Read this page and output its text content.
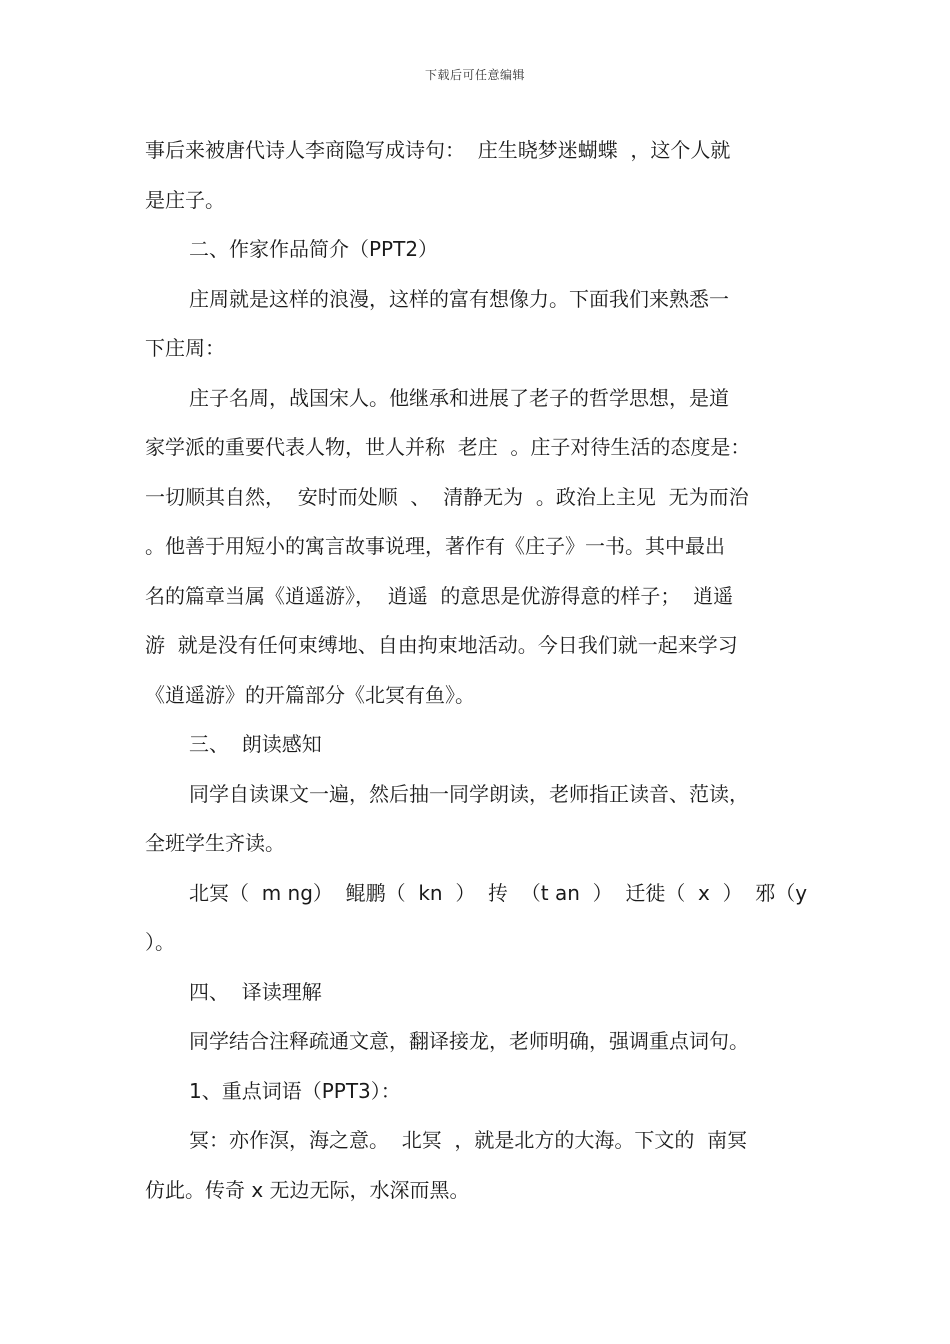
下载后可任意编辑
事后来被唐代诗人李商隐写成诗句：  庄生晓梦迷蝴蝶  ，这个人就
是庄子。
二、作家作品简介（PPT2）
庄周就是这样的浪漫，这样的富有想像力。下面我们来熟悉一
下庄周：
庄子名周，战国宋人。他继承和进展了老子的哲学思想，是道
家学派的重要代表人物，世人并称  老庄  。庄子对待生活的态度是：
一切顺其自然，  安时而处顺  、  清静无为  。政治上主见  无为而治
。他善于用短小的寓言故事说理，著作有《庄子》一书。其中最出
名的篇章当属《逍遥游》，  逍遥  的意思是优游得意的样子；  逍遥
游  就是没有任何束缚地、自由拘束地活动。今日我们就一起来学习
《逍遥游》的开篇部分《北冥有鱼》。
三、  朗读感知
同学自读课文一遍，然后抽一同学朗读，老师指正读音、范读，
全班学生齐读。
北冥（  m ng）  鲲鹏（  kn  ）  抟  （t an  ）  迁徙（  x  ）  邪（y
）。
四、  译读理解
同学结合注释疏通文意，翻译接龙，老师明确，强调重点词句。
1、重点词语（PPT3）：
冥：亦作溟，海之意。  北冥  ，就是北方的大海。下文的  南冥
仿此。传奇 x 无边无际，水深而黑。
